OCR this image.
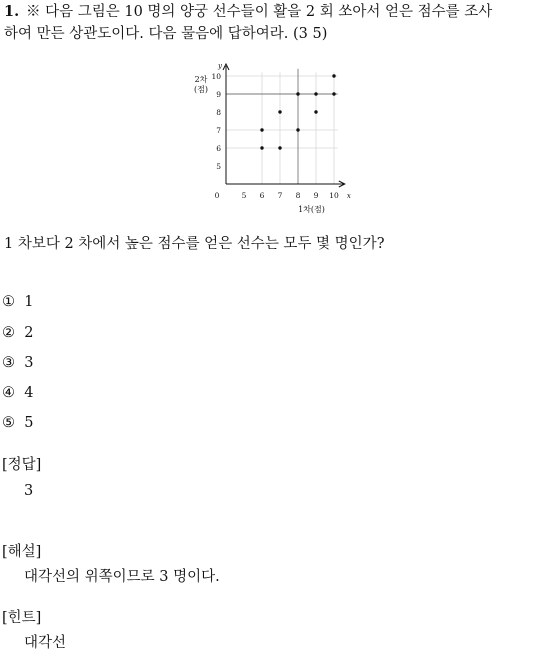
1. ※ 다음 그림은 10 명의 양궁 선수들이 활을 2 회 쏘아서 얻은 점수를 조사
하여 만든 상관도이다. 다음 물음에 답하여라. (3 5)
5 6 7 8 9 10
5
6
7
8
9
10
0
y
x
2차
(점)
1차(점)
1 차보다 2 차에서 높은 점수를 얻은 선수는 모두 몇 명인가?
① 1
② 2
③ 3
④ 4
⑤ 5
[정답]
3
[해설]
대각선의 위쪽이므로 3 명이다.
[힌트]
대각선
